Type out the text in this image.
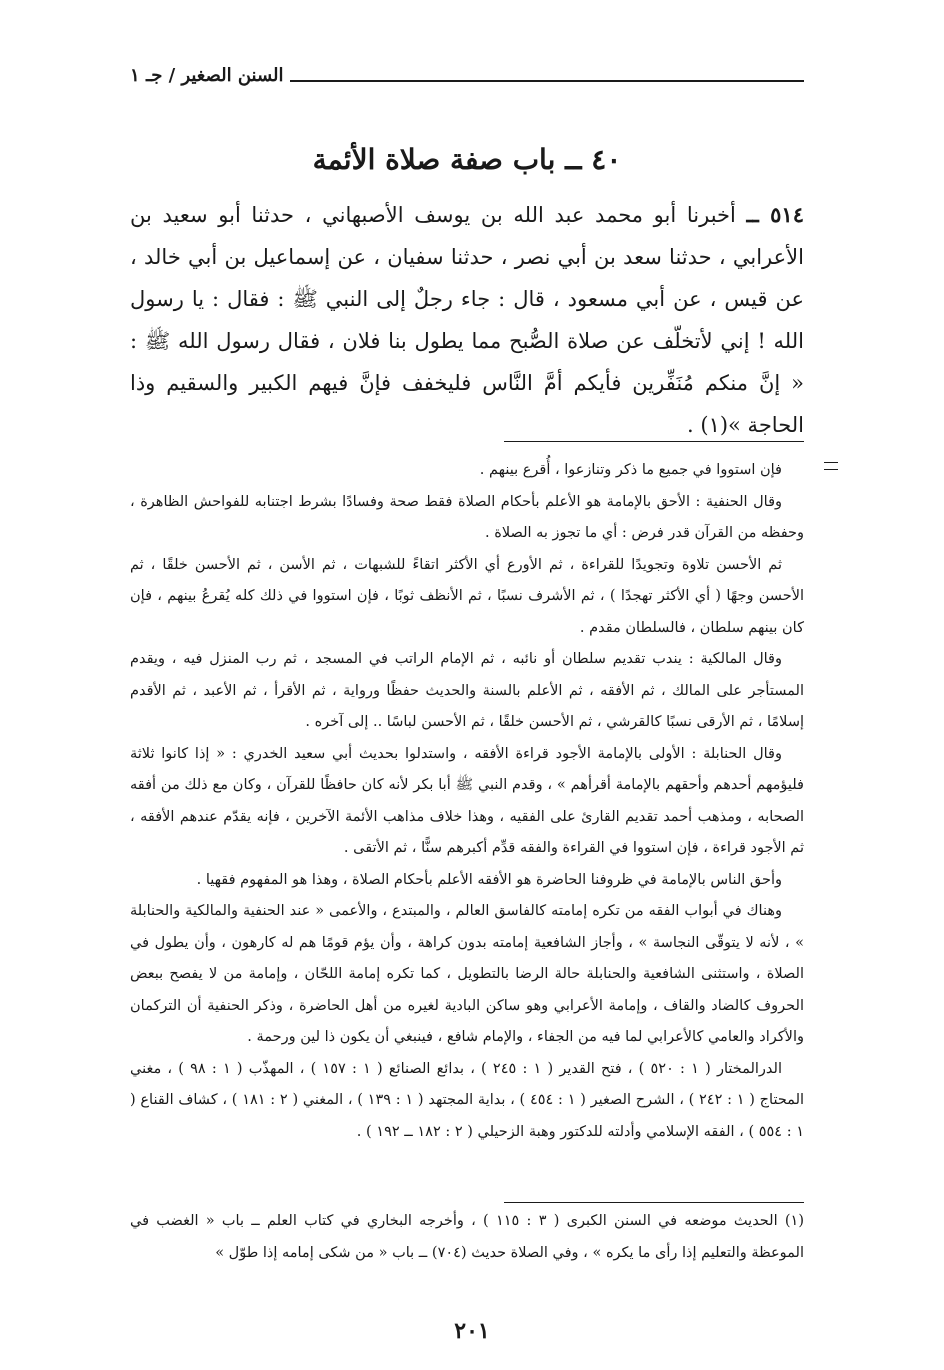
السنن الصغير / جـ ١
٤٠ ــ باب صفة صلاة الأئمة
٥١٤ ــ أخبرنا أبو محمد عبد الله بن يوسف الأصبهاني ، حدثنا أبو سعيد بن الأعرابي ، حدثنا سعد بن أبي نصر ، حدثنا سفيان ، عن إسماعيل بن أبي خالد ، عن قيس ، عن أبي مسعود ، قال : جاء رجلٌ إلى النبي ﷺ : فقال : يا رسول الله ! إني لأتخلّف عن صلاة الصُّبح مما يطول بنا فلان ، فقال رسول الله ﷺ : « إنَّ منكم مُنَفِّرين فأيكم أمَّ النَّاس فليخفف فإنَّ فيهم الكبير والسقيم وذا الحاجة »(١) .

فإن استووا في جميع ما ذكر وتنازعوا ، أُقرع بينهم .

وقال الحنفية : الأحق بالإمامة هو الأعلم بأحكام الصلاة فقط صحة وفسادًا بشرط اجتنابه للفواحش الظاهرة ، وحفظه من القرآن قدر فرض : أي ما تجوز به الصلاة .

ثم الأحسن تلاوة وتجويدًا للقراءة ، ثم الأورع أي الأكثر اتقاءً للشبهات ، ثم الأسن ، ثم الأحسن خلقًا ، ثم الأحسن وجهًا ( أي الأكثر تهجدًا ) ، ثم الأشرف نسبًا ، ثم الأنظف ثوبًا ، فإن استووا في ذلك كله يُقرعُ بينهم ، فإن كان بينهم سلطان ، فالسلطان مقدم .

وقال المالكية : يندب تقديم سلطان أو نائبه ، ثم الإمام الراتب في المسجد ، ثم رب المنزل فيه ، ويقدم المستأجر على المالك ، ثم الأفقه ، ثم الأعلم بالسنة والحديث حفظًا ورواية ، ثم الأقرأ ، ثم الأعبد ، ثم الأقدم إسلامًا ، ثم الأرقى نسبًا كالقرشي ، ثم الأحسن خلقًا ، ثم الأحسن لباسًا .. إلى آخره .

وقال الحنابلة : الأولى بالإمامة الأجود قراءة الأفقه ، واستدلوا بحديث أبي سعيد الخدري : « إذا كانوا ثلاثة فليؤمهم أحدهم وأحقهم بالإمامة أقرأهم » ، وقدم النبي ﷺ أبا بكر لأنه كان حافظًا للقرآن ، وكان مع ذلك من أفقه الصحابه ، ومذهب أحمد تقديم القارئ على الفقيه ، وهذا خلاف مذاهب الأئمة الآخرين ، فإنه يقدّم عندهم الأفقه ، ثم الأجود قراءة ، فإن استووا في القراءة والفقه قدِّم أكبرهم سنًّا ، ثم الأتقى .

وأحق الناس بالإمامة في ظروفنا الحاضرة هو الأفقه الأعلم بأحكام الصلاة ، وهذا هو المفهوم فقهيا .

وهناك في أبواب الفقه من تكره إمامته كالفاسق العالم ، والمبتدع ، والأعمى « عند الحنفية والمالكية والحنابلة » ، لأنه لا يتوقّى النجاسة » ، وأجاز الشافعية إمامته بدون كراهة ، وأن يؤم قومًا هم له كارهون ، وأن يطول في الصلاة ، واستثنى الشافعية والحنابلة حالة الرضا بالتطويل ، كما تكره إمامة اللحّان ، وإمامة من لا يفصح ببعض الحروف كالضاد والقاف ، وإمامة الأعرابي وهو ساكن البادية لغيره من أهل الحاضرة ، وذكر الحنفية أن التركمان والأكراد والعامي كالأعرابي لما فيه من الجفاء ، والإمام شافع ، فينبغي أن يكون ذا لين ورحمة .

الدرالمختار ( ١ : ٥٢٠ ) ، فتح القدير ( ١ : ٢٤٥ ) ، بدائع الصنائع ( ١ : ١٥٧ ) ، المهذّب ( ١ : ٩٨ ) ، مغني المحتاج ( ١ : ٢٤٢ ) ، الشرح الصغير ( ١ : ٤٥٤ ) ، بداية المجتهد ( ١ : ١٣٩ ) ، المغني ( ٢ : ١٨١ ) ، كشاف القناع ( ١ : ٥٥٤ ) ، الفقه الإسلامي وأدلته للدكتور وهبة الزحيلي ( ٢ : ١٨٢ ــ ١٩٢ ) .

(١) الحديث موضعه في السنن الكبرى ( ٣ : ١١٥ ) ، وأخرجه البخاري في كتاب العلم ــ باب « الغضب في الموعظة والتعليم إذا رأى ما يكره » ، وفي الصلاة حديث (٧٠٤) ــ باب « من شكى إمامه إذا طوّل »

٢٠١
